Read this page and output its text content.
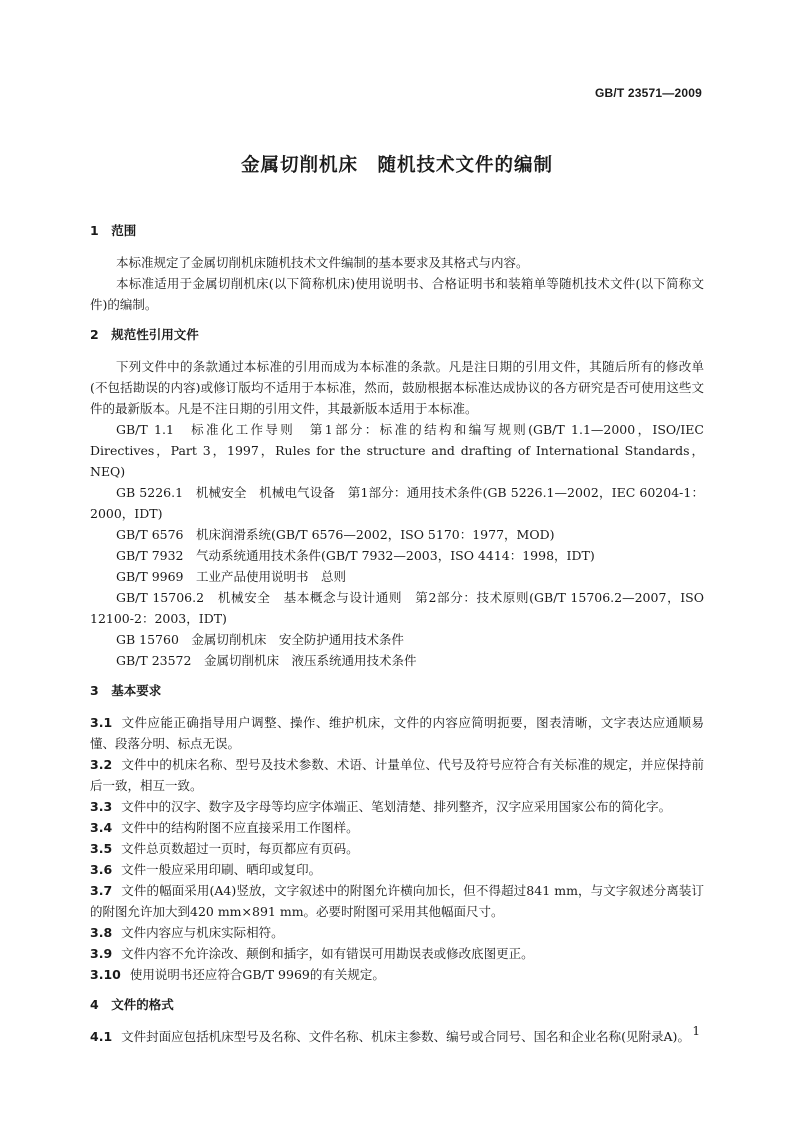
GB/T 23571—2009
金属切削机床　随机技术文件的编制
1　范围

本标准规定了金属切削机床随机技术文件编制的基本要求及其格式与内容。

本标准适用于金属切削机床(以下简称机床)使用说明书、合格证明书和装箱单等随机技术文件(以下简称文件)的编制。

2　规范性引用文件

下列文件中的条款通过本标准的引用而成为本标准的条款。凡是注日期的引用文件，其随后所有的修改单(不包括勘误的内容)或修订版均不适用于本标准，然而，鼓励根据本标准达成协议的各方研究是否可使用这些文件的最新版本。凡是不注日期的引用文件，其最新版本适用于本标准。

GB/T 1.1　标准化工作导则　第1部分：标准的结构和编写规则(GB/T 1.1—2000，ISO/IEC Directives，Part 3，1997，Rules for the structure and drafting of International Standards，NEQ)

GB 5226.1　机械安全　机械电气设备　第1部分：通用技术条件(GB 5226.1—2002，IEC 60204-1：2000，IDT)

GB/T 6576　机床润滑系统(GB/T 6576—2002，ISO 5170：1977，MOD)

GB/T 7932　气动系统通用技术条件(GB/T 7932—2003，ISO 4414：1998，IDT)

GB/T 9969　工业产品使用说明书　总则

GB/T 15706.2　机械安全　基本概念与设计通则　第2部分：技术原则(GB/T 15706.2—2007，ISO 12100-2：2003，IDT)

GB 15760　金属切削机床　安全防护通用技术条件

GB/T 23572　金属切削机床　液压系统通用技术条件

3　基本要求

3.1 文件应能正确指导用户调整、操作、维护机床，文件的内容应简明扼要，图表清晰，文字表达应通顺易懂、段落分明、标点无误。

3.2 文件中的机床名称、型号及技术参数、术语、计量单位、代号及符号应符合有关标准的规定，并应保持前后一致，相互一致。

3.3 文件中的汉字、数字及字母等均应字体端正、笔划清楚、排列整齐，汉字应采用国家公布的简化字。

3.4 文件中的结构附图不应直接采用工作图样。

3.5 文件总页数超过一页时，每页都应有页码。

3.6 文件一般应采用印刷、晒印或复印。

3.7 文件的幅面采用(A4)竖放，文字叙述中的附图允许横向加长，但不得超过841 mm，与文字叙述分离装订的附图允许加大到420 mm×891 mm。必要时附图可采用其他幅面尺寸。

3.8 文件内容应与机床实际相符。

3.9 文件内容不允许涂改、颠倒和插字，如有错误可用勘误表或修改底图更正。

3.10 使用说明书还应符合GB/T 9969的有关规定。

4　文件的格式

4.1 文件封面应包括机床型号及名称、文件名称、机床主参数、编号或合同号、国名和企业名称(见附录A)。 1
